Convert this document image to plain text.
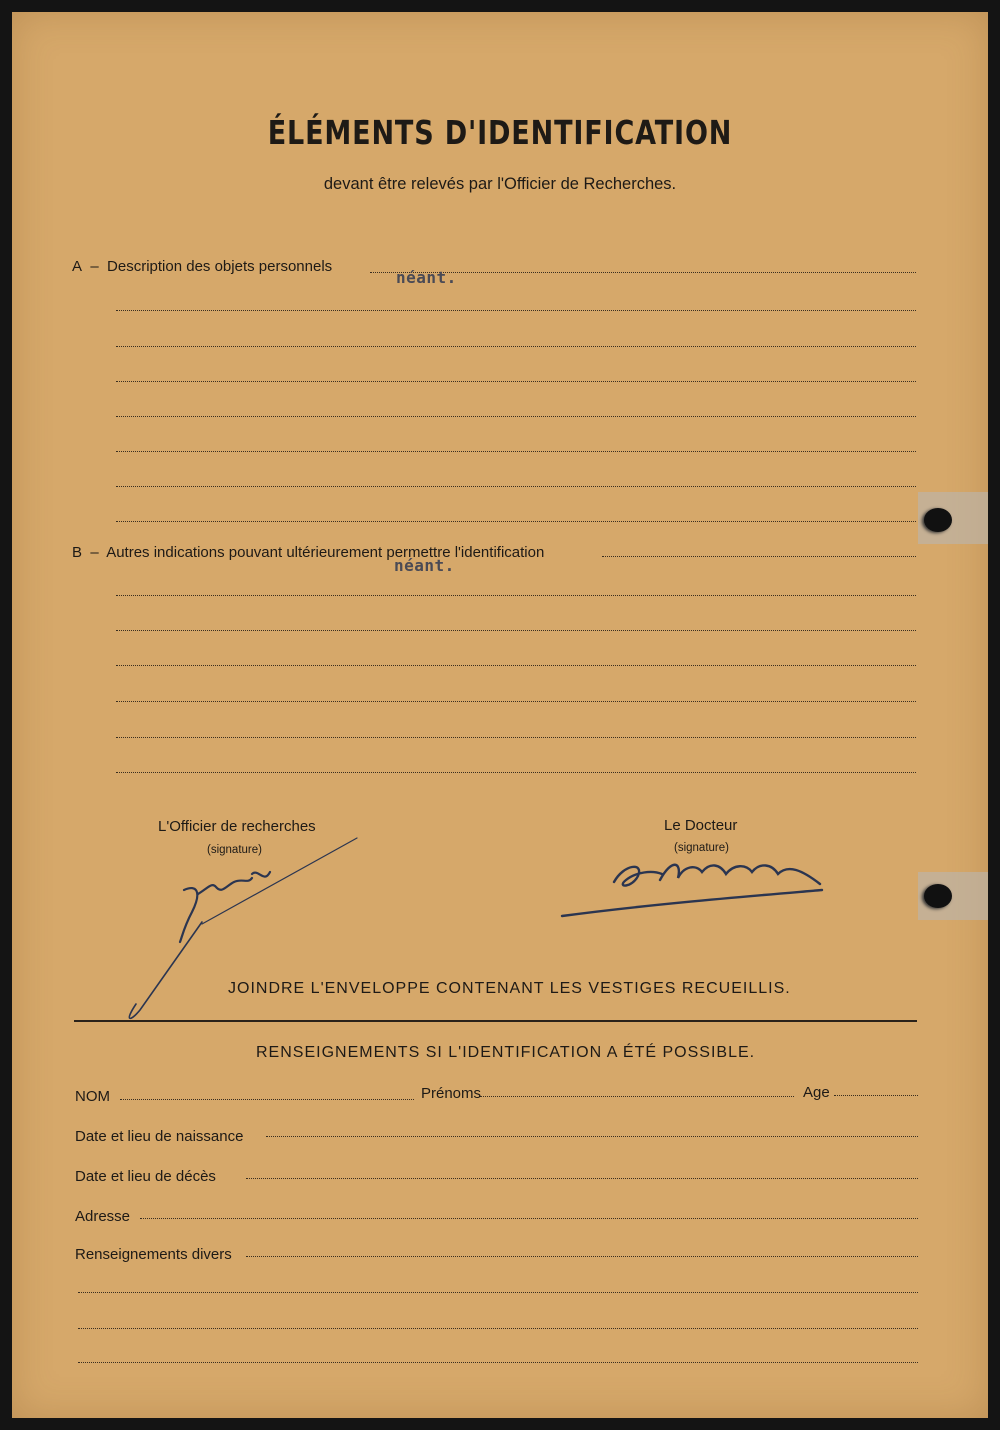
ÉLÉMENTS D'IDENTIFICATION
devant être relevés par l'Officier de Recherches.
A  –  Description des objets personnels
néant.
B  –  Autres indications pouvant ultérieurement permettre l'identification
néant.
L'Officier de recherches
(signature)
Le Docteur
(signature)
JOINDRE L'ENVELOPPE CONTENANT LES VESTIGES RECUEILLIS.
RENSEIGNEMENTS SI L'IDENTIFICATION A ÉTÉ POSSIBLE.
NOM	Prénoms	Age
Date et lieu de naissance
Date et lieu de décès
Adresse
Renseignements divers
